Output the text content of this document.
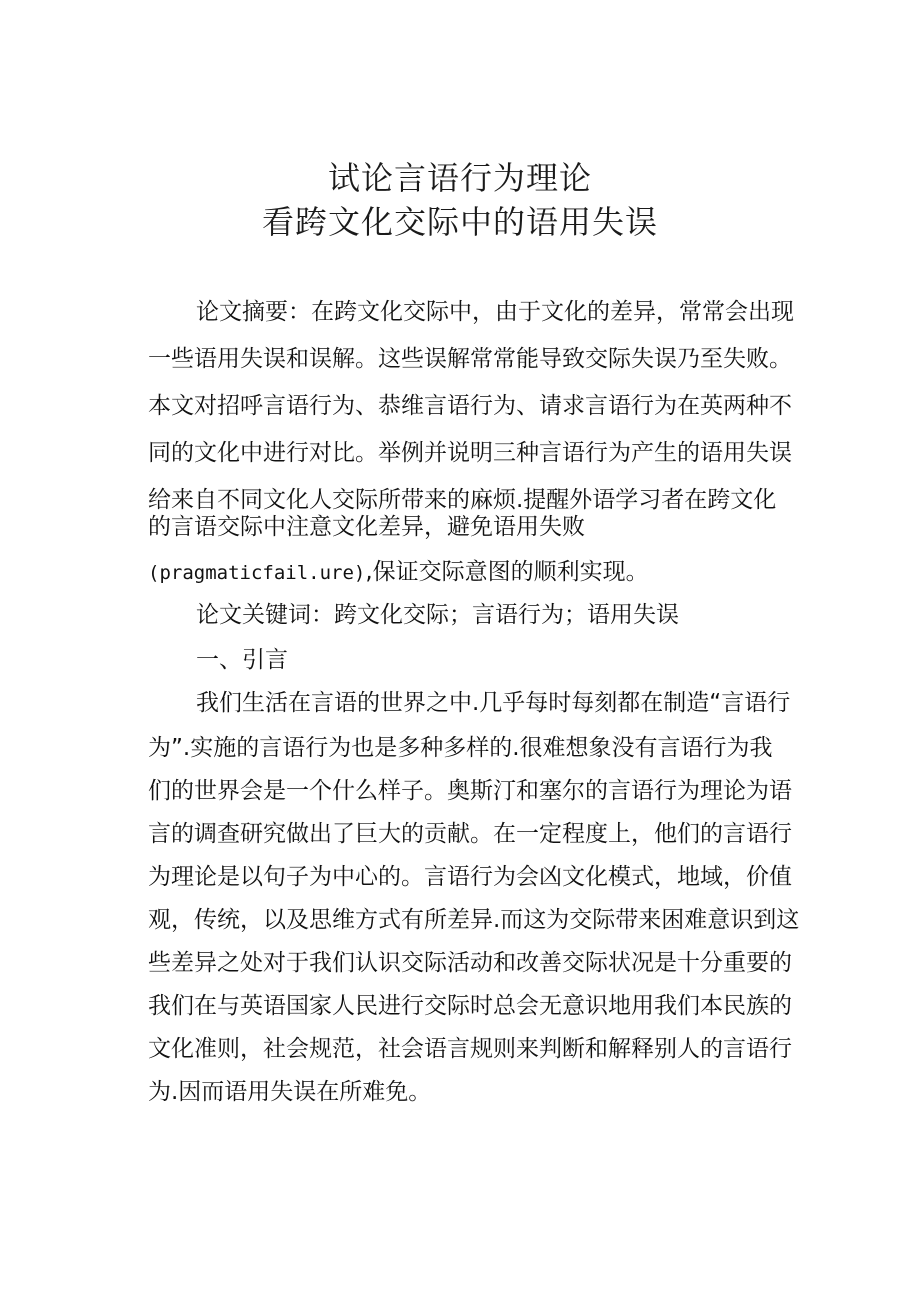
试论言语行为理论
看跨文化交际中的语用失误
论文摘要：在跨文化交际中，由于文化的差异，常常会出现
一些语用失误和误解。这些误解常常能导致交际失误乃至失败。
本文对招呼言语行为、恭维言语行为、请求言语行为在英两种不
同的文化中进行对比。举例并说明三种言语行为产生的语用失误
给来自不同文化人交际所带来的麻烦.提醒外语学习者在跨文化
的言语交际中注意文化差异，避免语用失败
(pragmaticfail.ure),保证交际意图的顺利实现。
论文关键词：跨文化交际；言语行为；语用失误
一、引言
我们生活在言语的世界之中.几乎每时每刻都在制造“言语行
为”.实施的言语行为也是多种多样的.很难想象没有言语行为我
们的世界会是一个什么样子。奥斯汀和塞尔的言语行为理论为语
言的调查研究做出了巨大的贡献。在一定程度上，他们的言语行
为理论是以句子为中心的。言语行为会凶文化模式，地域，价值
观，传统，以及思维方式有所差异.而这为交际带来困难意识到这
些差异之处对于我们认识交际活动和改善交际状况是十分重要的
我们在与英语国家人民进行交际时总会无意识地用我们本民族的
文化准则，社会规范，社会语言规则来判断和解释别人的言语行
为.因而语用失误在所难免。
